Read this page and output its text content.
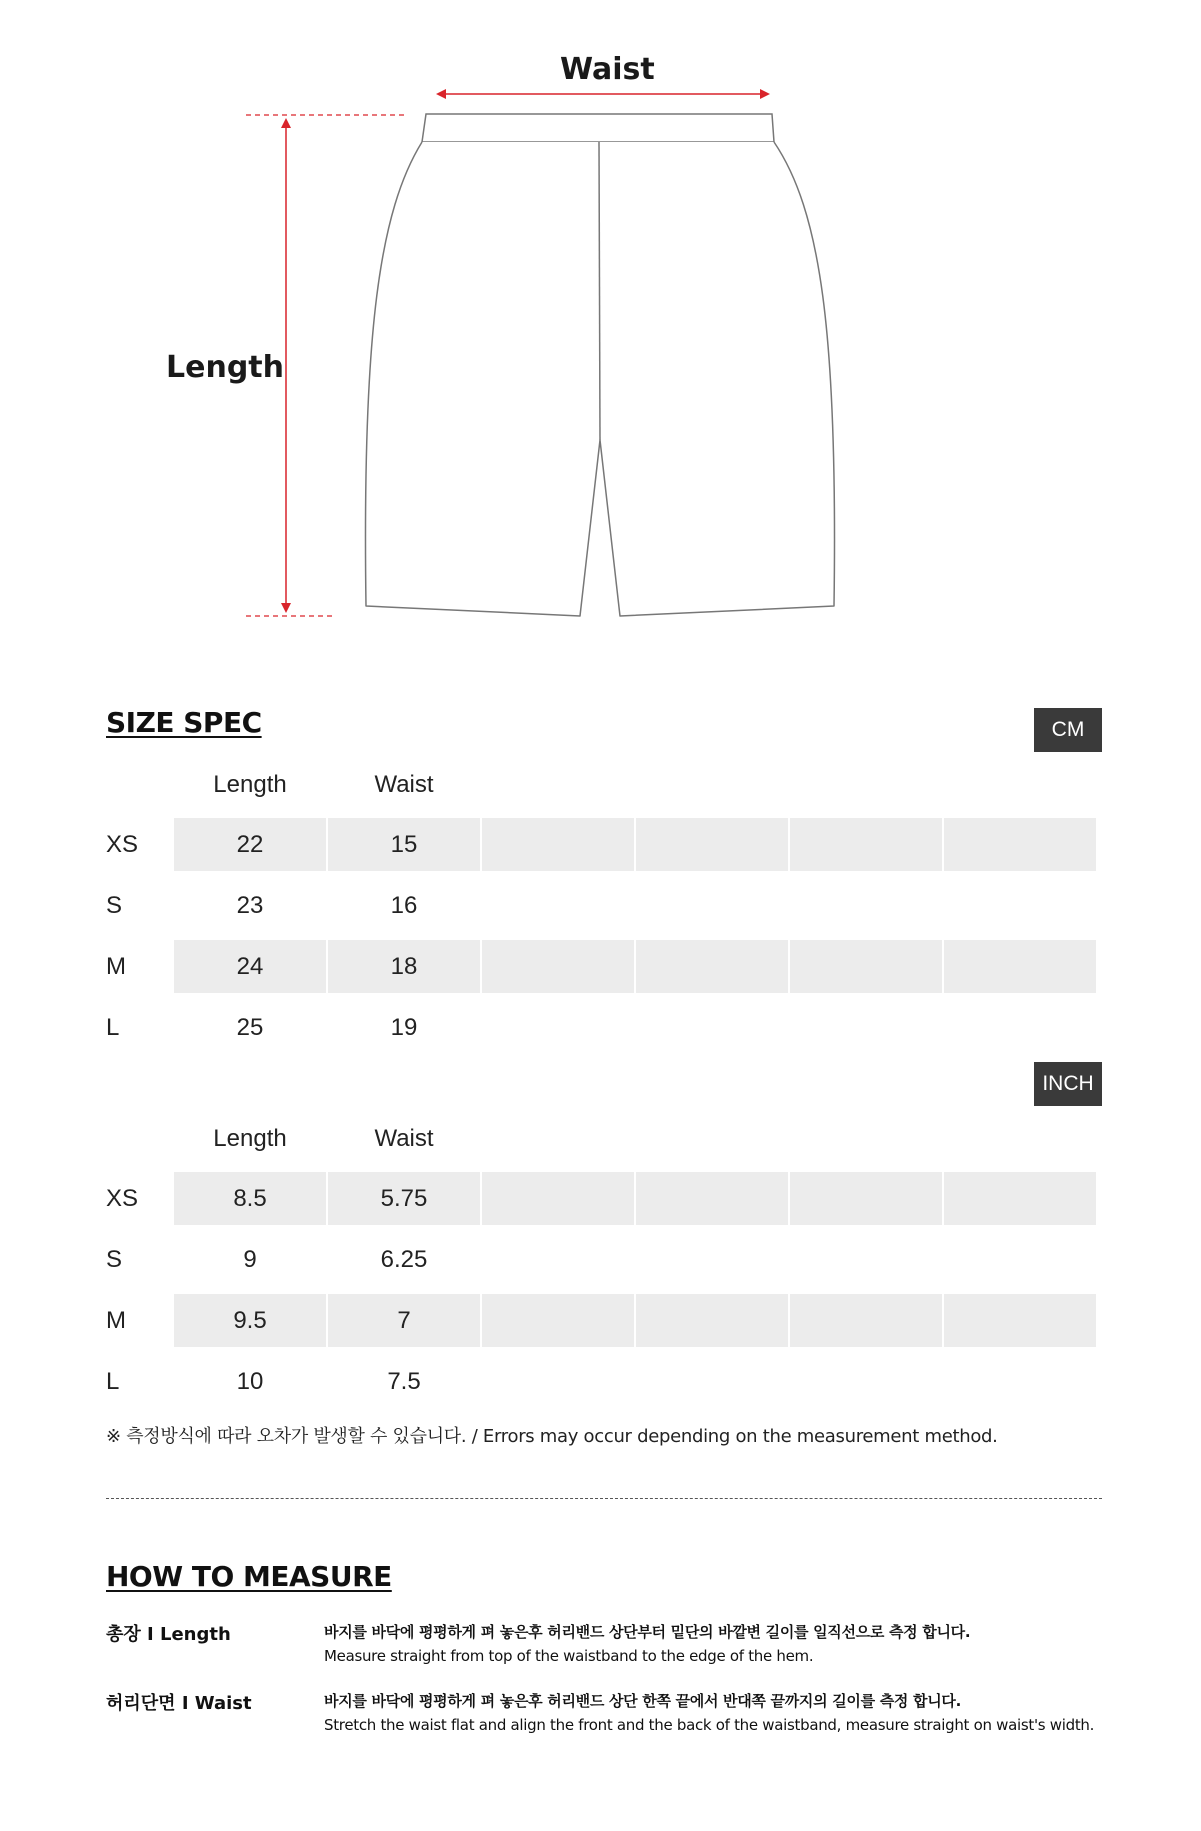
Waist
Length
SIZE SPEC	CM
Length	Waist
XS	22	15
S	23	16
M	24	18
L	25	19
INCH
Length	Waist
XS	8.5	5.75
S	9	6.25
M	9.5	7
L	10	7.5
※ 측정방식에 따라 오차가 발생할 수 있습니다. / Errors may occur depending on the measurement method.
HOW TO MEASURE
총장 I Length	바지를 바닥에 평평하게 펴 놓은후 허리밴드 상단부터 밑단의 바깥변 길이를 일직선으로 측정 합니다.
Measure straight from top of the waistband to the edge of the hem.
허리단면 I Waist	바지를 바닥에 평평하게 펴 놓은후 허리밴드 상단 한쪽 끝에서 반대쪽 끝까지의 길이를 측정 합니다.
Stretch the waist flat and align the front and the back of the waistband, measure straight on waist's width.
